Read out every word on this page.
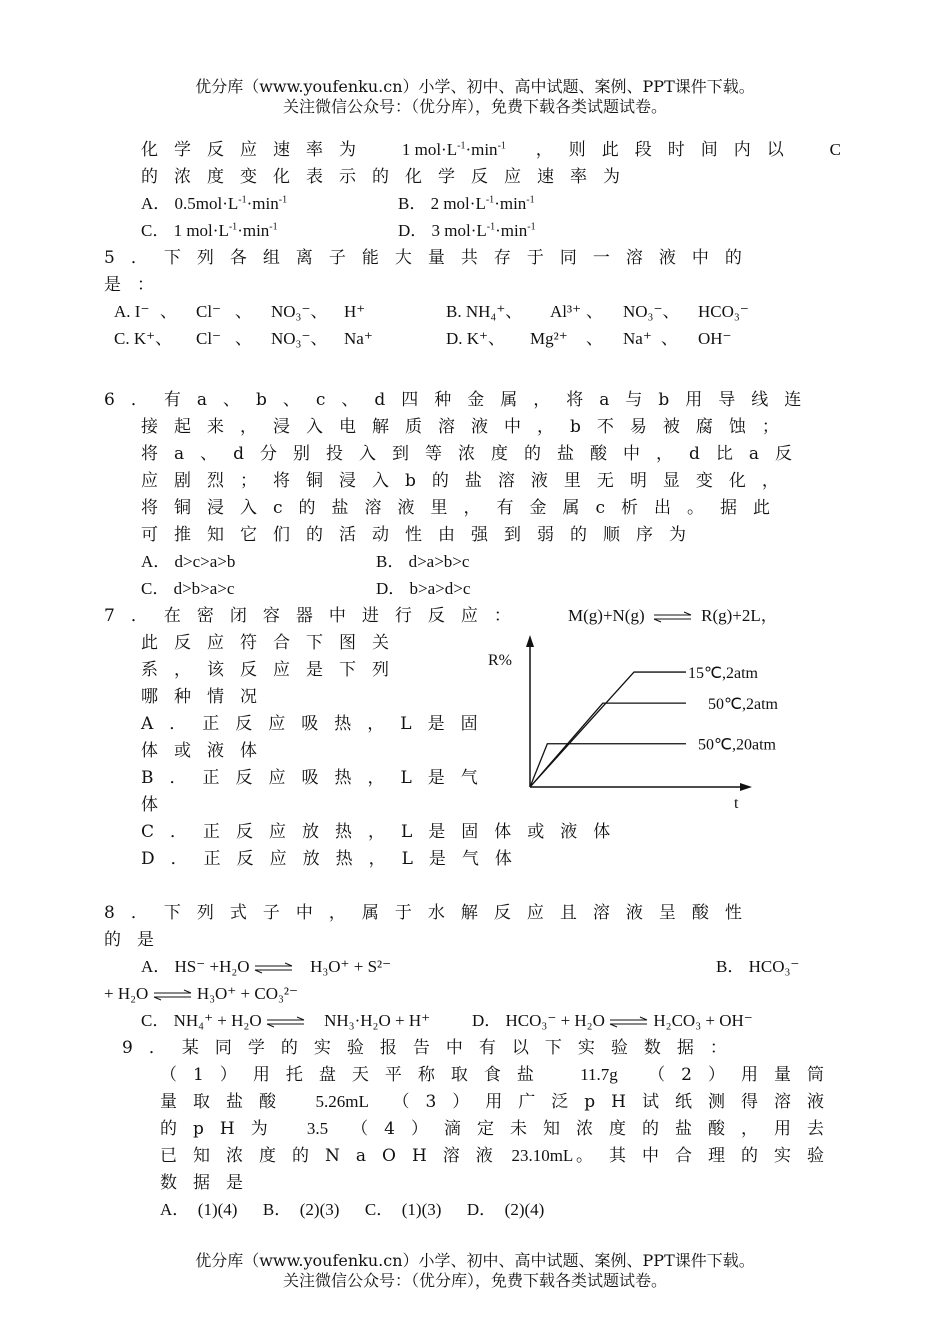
优分库（www.youfenku.cn）小学、初中、高中试题、案例、PPT课件下载。
关注微信公众号：（优分库），免费下载各类试题试卷。
化学反应速率为 1 $mol\cdot L^{-1}\cdot\min^{-1}$ ，则此段时间内以 C
的浓度变化表示的化学反应速率为
A． $0.5mol\cdot L^{-1}\cdot\min^{-1}$	B． 2 $mol\cdot L^{-1}\cdot\min^{-1}$
C． 1 $mol\cdot L^{-1}\cdot\min^{-1}$	D． 3 $mol\cdot L^{-1}\cdot\min^{-1}$
5．下列各组离子能大量共存于同一溶液中的
是：
A. I⁻ 、 Cl⁻ 、 NO₃⁻、 H⁺	B. NH₄⁺、 Al³⁺ 、 NO₃⁻、 HCO₃⁻
C. K⁺、 Cl⁻ 、 NO₃⁻、 Na⁺	D. K⁺、 Mg²⁺ 、 Na⁺ 、 OH⁻
6．有a、b、c、d四种金属，将a与b用导线连
接起来，浸入电解质溶液中，b不易被腐蚀；
将a、d分别投入到等浓度的盐酸中，d比a反
应剧烈；将铜浸入b的盐溶液里无明显变化，
将铜浸入c的盐溶液里，有金属c析出。据此
可推知它们的活动性由强到弱的顺序为
A． d>c>a>b	B． d>a>b>c
C． d>b>a>c	D． b>a>d>c
7．在密闭容器中进行反应： M(g)+N(g) ⇌ R(g)+2L，
此反应符合下图关
系，该反应是下列
哪种情况
A．正反应吸热，L是固
体或液体
B．正反应吸热，L是气
体
C．正反应放热，L是固体或液体
D．正反应放热，L是气体
R%
t
15℃,2atm
50℃,2atm
50℃,20atm
8．下列式子中，属于水解反应且溶液呈酸性
的是
A． HS⁻ +H₂O ⇌ H₃O⁺ + S²⁻	B． HCO₃⁻
+ H₂O ⇌ H₃O⁺ + CO₃²⁻
C． NH₄⁺ + H₂O ⇌ NH₃·H₂O + H⁺ D． HCO₃⁻ + H₂O ⇌ H₂CO₃ + OH⁻
9．某同学的实验报告中有以下实验数据：
（1）用托盘天平称取食盐 11.7g （2）用量筒
量取盐酸 5.26mL （3）用广泛pH试纸测得溶液
的pH为 3.5 （4）滴定未知浓度的盐酸，用去
已知浓度的NaOH溶液 23.10mL 。其中合理的实验
数据是
A．  (1)(4)      B．  (2)(3)      C．  (1)(3)      D．  (2)(4)
优分库（www.youfenku.cn）小学、初中、高中试题、案例、PPT课件下载。
关注微信公众号：（优分库），免费下载各类试题试卷。
